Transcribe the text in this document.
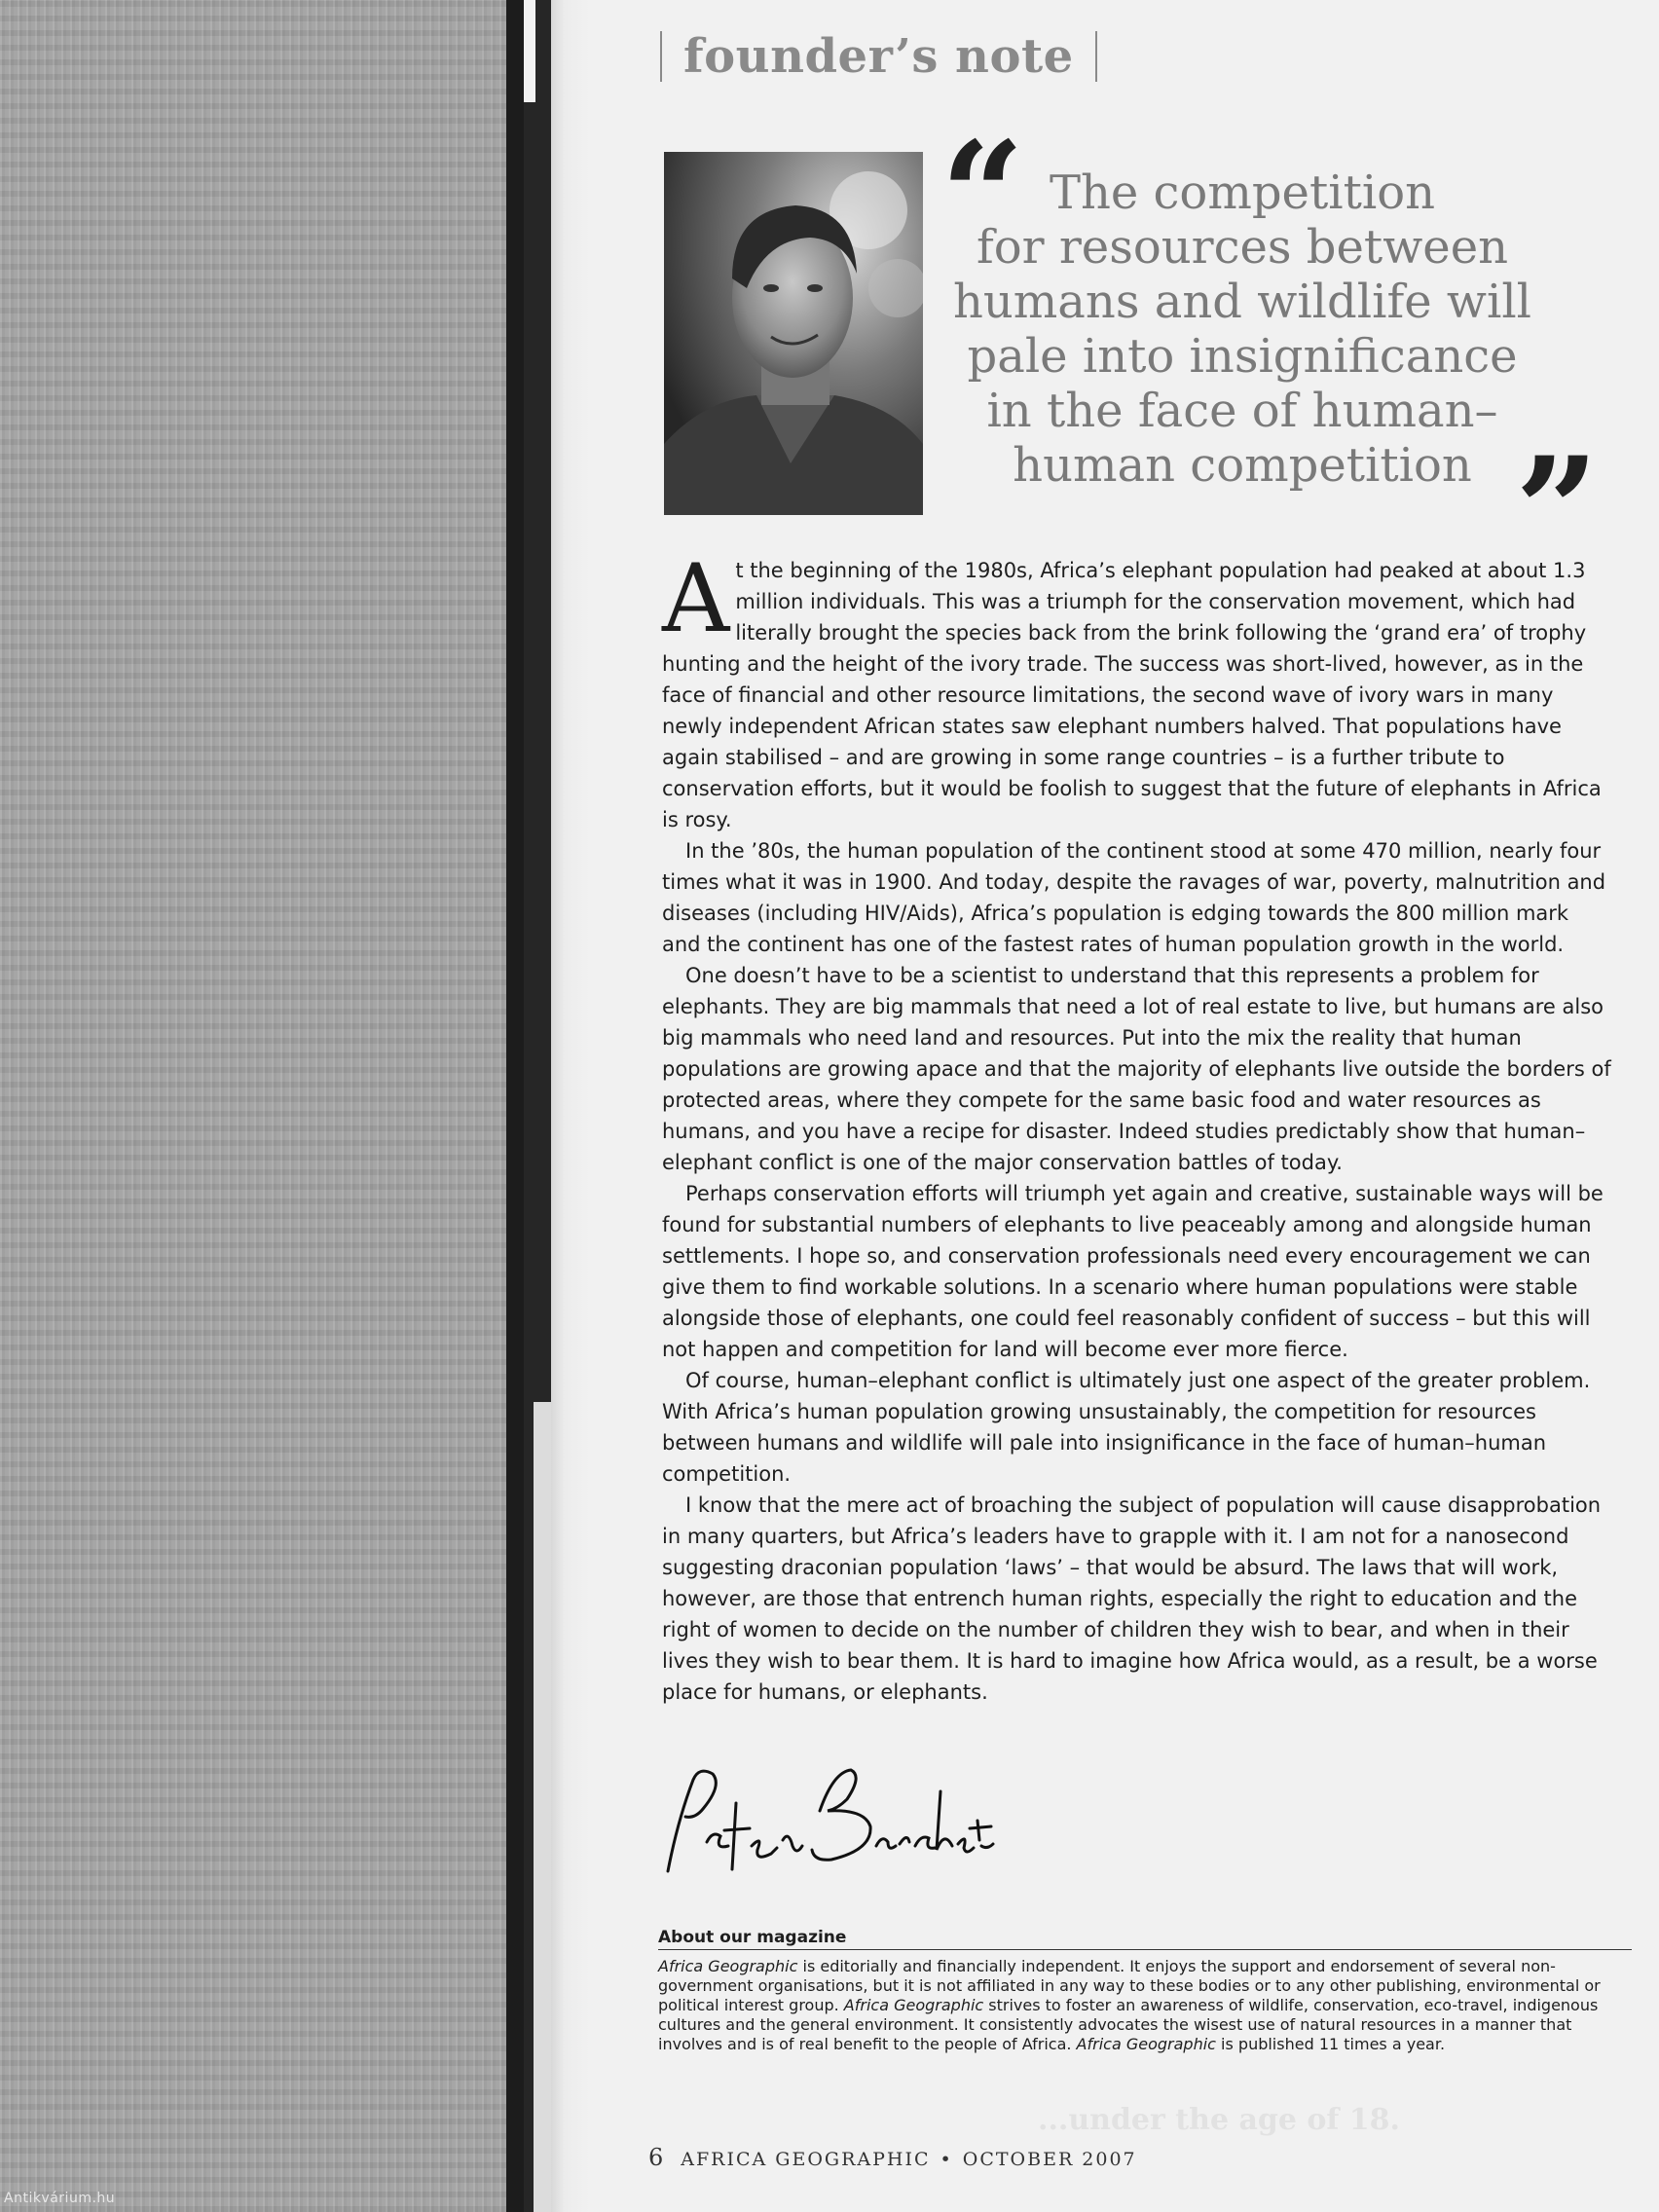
Antikvárium.hu
founder’s note
“ The competition
for resources between
humans and wildlife will
pale into insignificance
in the face of human–
human competition ”

At the beginning of the 1980s, Africa’s elephant population had peaked at about 1.3 million individuals. This was a triumph for the conservation movement, which had literally brought the species back from the brink following the ‘grand era’ of trophy hunting and the height of the ivory trade. The success was short-lived, however, as in the face of financial and other resource limitations, the second wave of ivory wars in many newly independent African states saw elephant numbers halved. That populations have again stabilised – and are growing in some range countries – is a further tribute to conservation efforts, but it would be foolish to suggest that the future of elephants in Africa is rosy.

In the ’80s, the human population of the continent stood at some 470 million, nearly four times what it was in 1900. And today, despite the ravages of war, poverty, malnutrition and diseases (including HIV/Aids), Africa’s population is edging towards the 800 million mark and the continent has one of the fastest rates of human population growth in the world.

One doesn’t have to be a scientist to understand that this represents a problem for elephants. They are big mammals that need a lot of real estate to live, but humans are also big mammals who need land and resources. Put into the mix the reality that human populations are growing apace and that the majority of elephants live outside the borders of protected areas, where they compete for the same basic food and water resources as humans, and you have a recipe for disaster. Indeed studies predictably show that human–elephant conflict is one of the major conservation battles of today.

Perhaps conservation efforts will triumph yet again and creative, sustainable ways will be found for substantial numbers of elephants to live peaceably among and alongside human settlements. I hope so, and conservation professionals need every encouragement we can give them to find workable solutions. In a scenario where human populations were stable alongside those of elephants, one could feel reasonably confident of success – but this will not happen and competition for land will become ever more fierce.

Of course, human–elephant conflict is ultimately just one aspect of the greater problem. With Africa’s human population growing unsustainably, the competition for resources between humans and wildlife will pale into insignificance in the face of human–human competition.

I know that the mere act of broaching the subject of population will cause disapprobation in many quarters, but Africa’s leaders have to grapple with it. I am not for a nanosecond suggesting draconian population ‘laws’ – that would be absurd. The laws that will work, however, are those that entrench human rights, especially the right to education and the right of women to decide on the number of children they wish to bear, and when in their lives they wish to bear them. It is hard to imagine how Africa would, as a result, be a worse place for humans, or elephants.

About our magazine
Africa Geographic is editorially and financially independent. It enjoys the support and endorsement of several non-government organisations, but it is not affiliated in any way to these bodies or to any other publishing, environmental or political interest group. Africa Geographic strives to foster an awareness of wildlife, conservation, eco-travel, indigenous cultures and the general environment. It consistently advocates the wisest use of natural resources in a manner that involves and is of real benefit to the people of Africa. Africa Geographic is published 11 times a year.
...under the age of 18.
6 AFRICA GEOGRAPHIC • OCTOBER 2007
